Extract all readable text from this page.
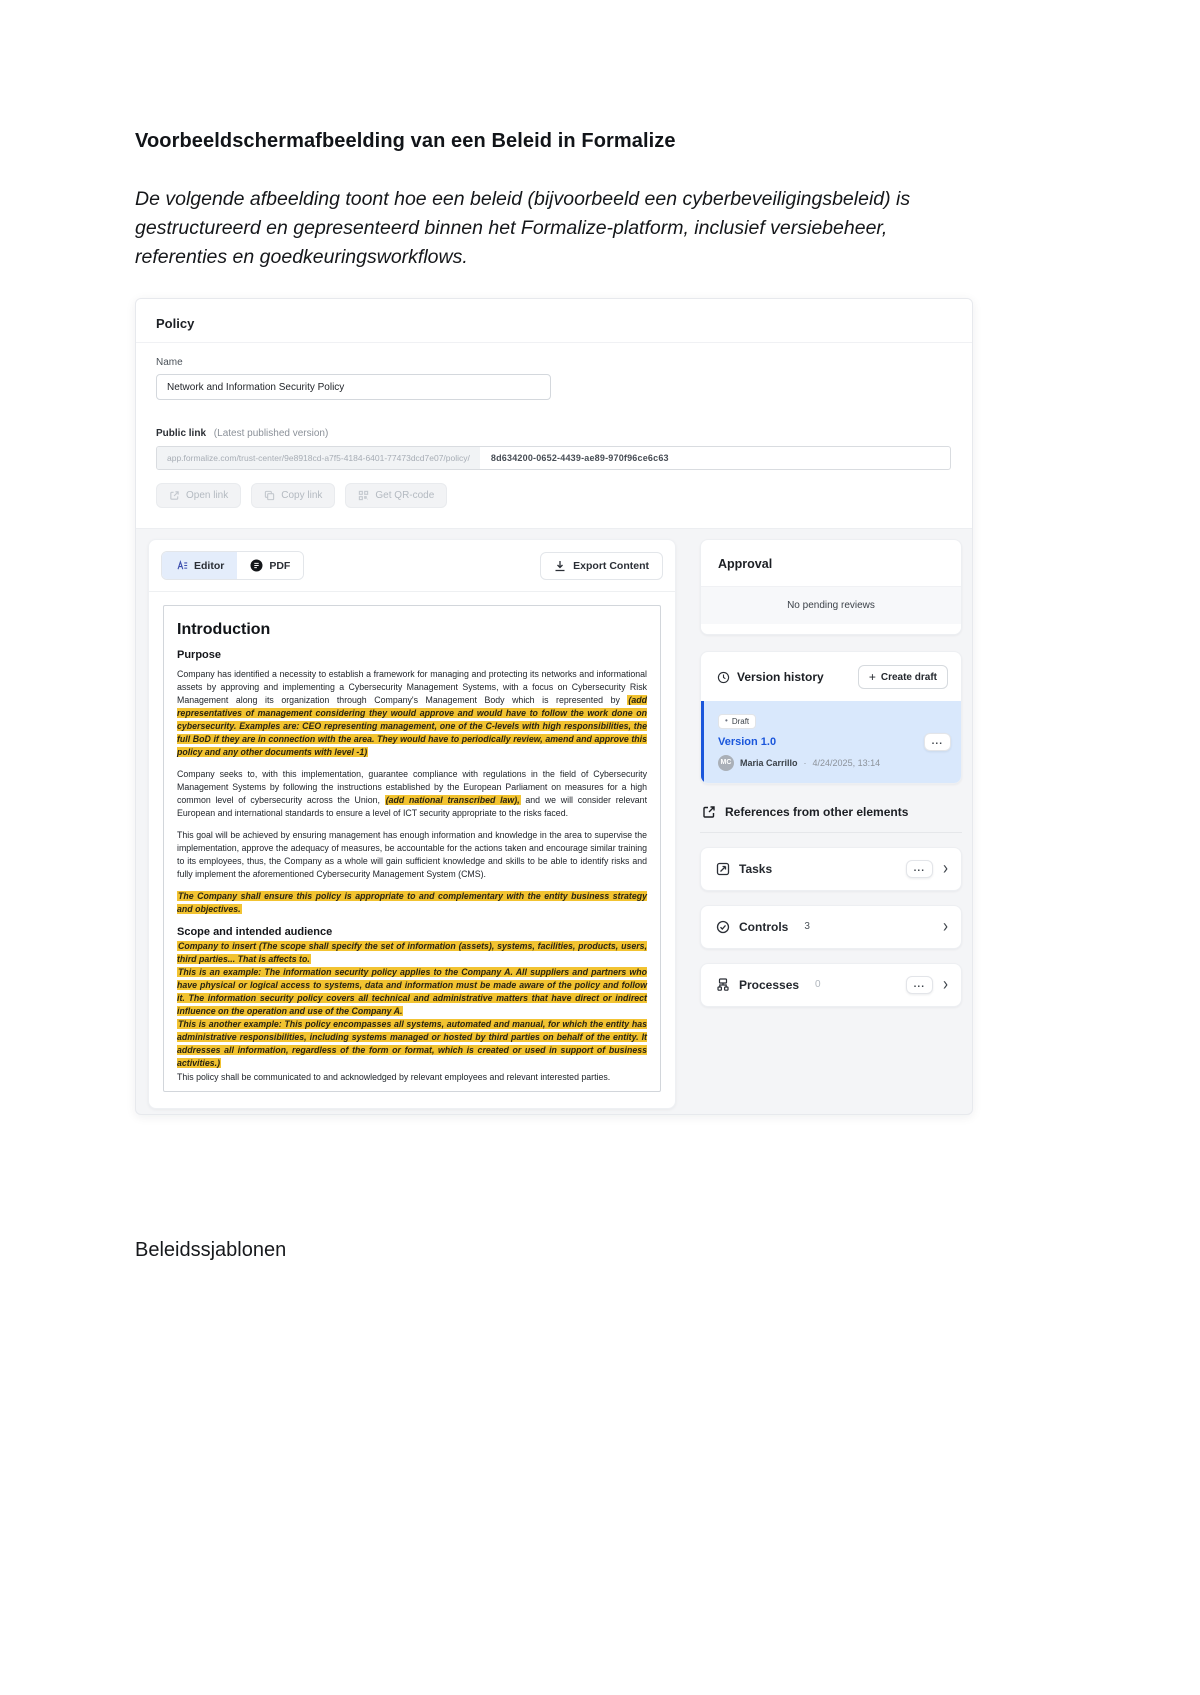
Voorbeeldschermafbeelding van een Beleid in Formalize

De volgende afbeelding toont hoe een beleid (bijvoorbeeld een cyberbeveiligingsbeleid) is gestructureerd en gepresenteerd binnen het Formalize-platform, inclusief versiebeheer, referenties en goedkeuringsworkflows.

Policy
Name
Network and Information Security Policy
Public link (Latest published version)
app.formalize.com/trust-center/9e8918cd-a7f5-4184-6401-77473dcd7e07/policy/	8d634200-0652-4439-ae89-970f96ce6c63
Open link	Copy link	Get QR-code
Editor	PDF	Export Content
Introduction
Purpose

Company has identified a necessity to establish a framework for managing and protecting its networks and informational assets by approving and implementing a Cybersecurity Management Systems, with a focus on Cybersecurity Risk Management along its organization through Company's Management Body which is represented by (add representatives of management considering they would approve and would have to follow the work done on cybersecurity. Examples are: CEO representing management, one of the C-levels with high responsibilities, the full BoD if they are in connection with the area. They would have to periodically review, amend and approve this policy and any other documents with level -1)

Company seeks to, with this implementation, guarantee compliance with regulations in the field of Cybersecurity Management Systems by following the instructions established by the European Parliament on measures for a high common level of cybersecurity across the Union, (add national transcribed law), and we will consider relevant European and international standards to ensure a level of ICT security appropriate to the risks faced.

This goal will be achieved by ensuring management has enough information and knowledge in the area to supervise the implementation, approve the adequacy of measures, be accountable for the actions taken and encourage similar training to its employees, thus, the Company as a whole will gain sufficient knowledge and skills to be able to identify risks and fully implement the aforementioned Cybersecurity Management System (CMS).

The Company shall ensure this policy is appropriate to and complementary with the entity business strategy and objectives.

Scope and intended audience

Company to insert (The scope shall specify the set of information (assets), systems, facilities, products, users, third parties... That is affects to.

This is an example: The information security policy applies to the Company A. All suppliers and partners who have physical or logical access to systems, data and information must be made aware of the policy and follow it. The information security policy covers all technical and administrative matters that have direct or indirect influence on the operation and use of the Company A.

This is another example: This policy encompasses all systems, automated and manual, for which the entity has administrative responsibilities, including systems managed or hosted by third parties on behalf of the entity. It addresses all information, regardless of the form or format, which is created or used in support of business activities.)

This policy shall be communicated to and acknowledged by relevant employees and relevant interested parties.

Approval
No pending reviews
Version history	+ Create draft
• Draft
Version 1.0
MC Maria Carrillo · 4/24/2025, 13:14
...
References from other elements
Tasks	...	›
Controls 3	›
Processes 0	...	›
Beleidssjablonen
